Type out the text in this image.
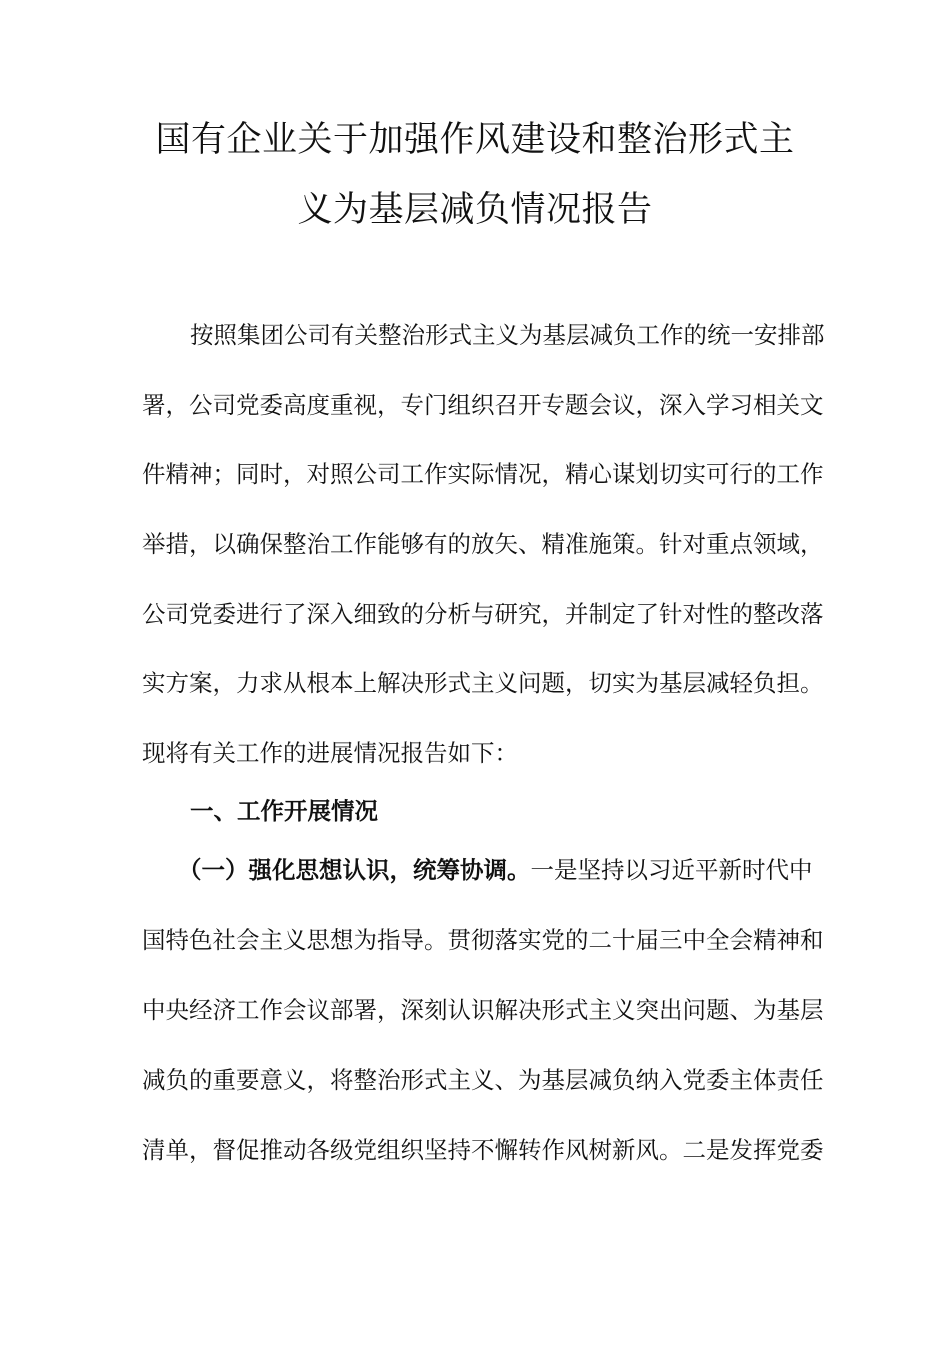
国有企业关于加强作风建设和整治形式主
义为基层减负情况报告
按照集团公司有关整治形式主义为基层减负工作的统一安排部
署，公司党委高度重视，专门组织召开专题会议，深入学习相关文
件精神；同时，对照公司工作实际情况，精心谋划切实可行的工作
举措，以确保整治工作能够有的放矢、精准施策。针对重点领域，
公司党委进行了深入细致的分析与研究，并制定了针对性的整改落
实方案，力求从根本上解决形式主义问题，切实为基层减轻负担。
现将有关工作的进展情况报告如下：
一、工作开展情况
（一）强化思想认识，统筹协调。一是坚持以习近平新时代中
国特色社会主义思想为指导。贯彻落实党的二十届三中全会精神和
中央经济工作会议部署，深刻认识解决形式主义突出问题、为基层
减负的重要意义，将整治形式主义、为基层减负纳入党委主体责任
清单，督促推动各级党组织坚持不懈转作风树新风。二是发挥党委
